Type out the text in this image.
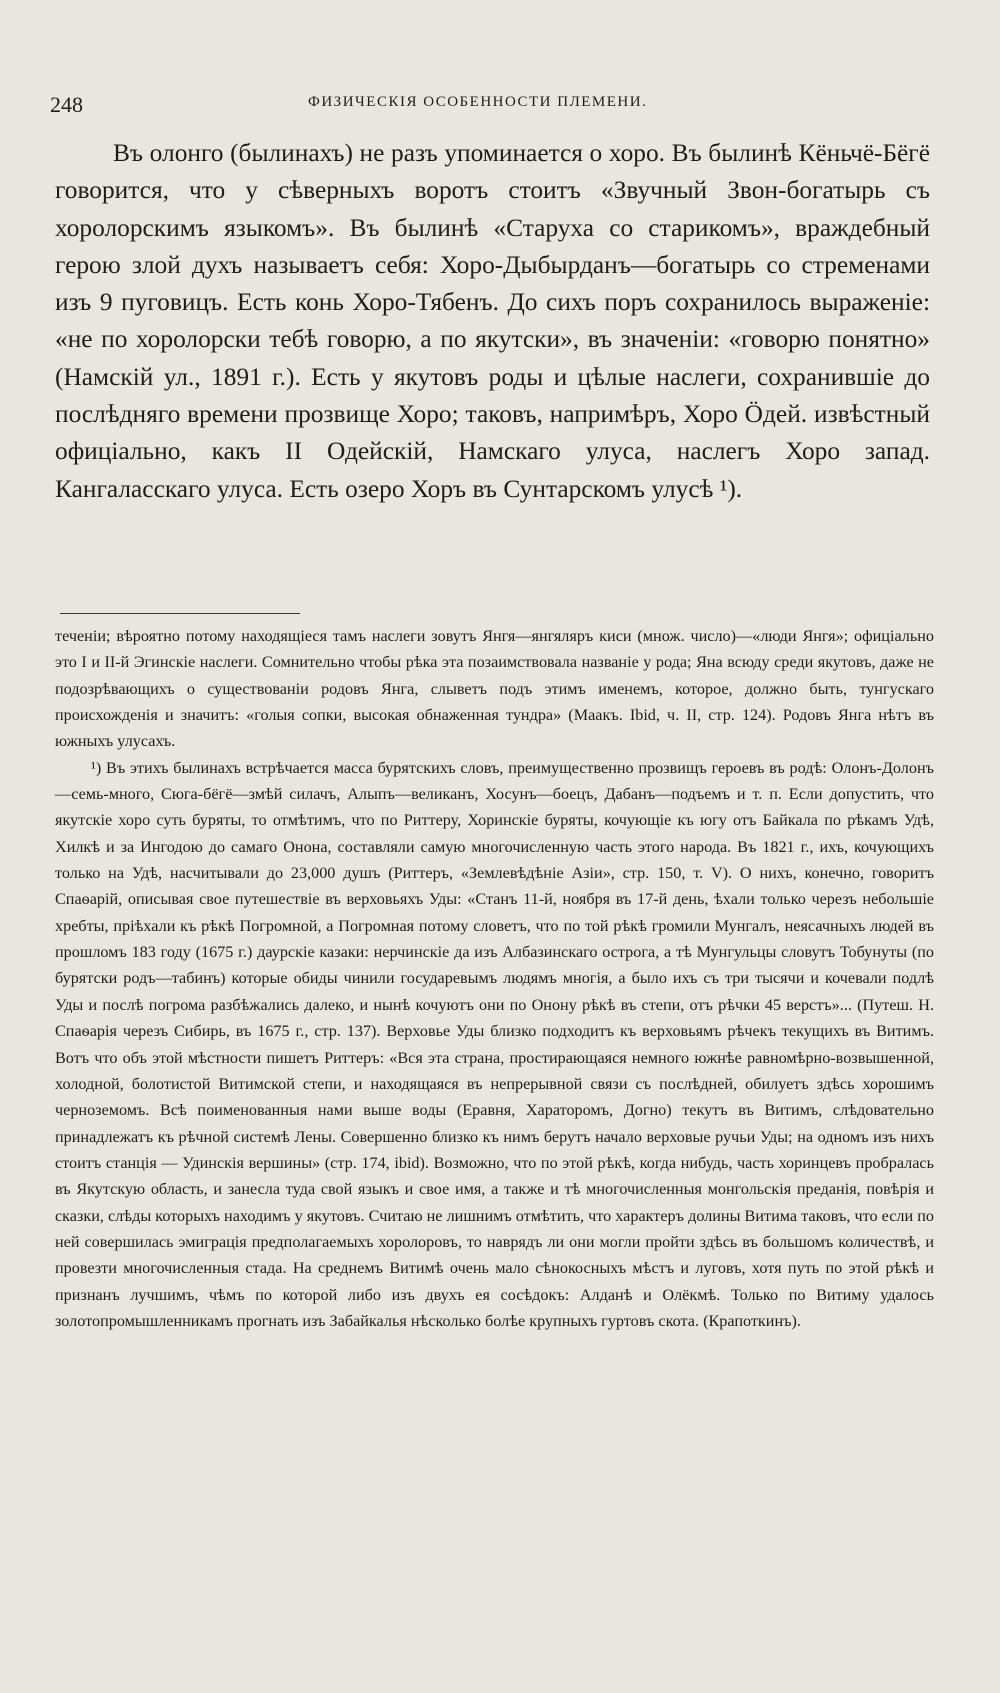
248	ФИЗИЧЕСКІЯ ОСОБЕННОСТИ ПЛЕМЕНИ.

Въ олонго (былинахъ) не разъ упоминается о хоро. Въ былинѣ Кёньчё-Бёгё говорится, что у сѣверныхъ воротъ стоитъ «Звучный Звон-богатырь съ хоролорскимъ языкомъ». Въ былинѣ «Старуха со старикомъ», враждебный герою злой духъ называетъ себя: Хоро-Дыбырданъ—богатырь со стременами изъ 9 пуговицъ. Есть конь Хоро-Тябенъ. До сихъ поръ сохранилось выраженіе: «не по хоролорски тебѣ говорю, а по якутски», въ значеніи: «говорю понятно» (Намскій ул., 1891 г.). Есть у якутовъ роды и цѣлые наслеги, сохранившіе до послѣдняго времени прозвище Хоро; таковъ, напримѣръ, Хоро Ӧдей. извѣстный офиціально, какъ II Одейскій, Намскаго улуса, наслегъ Хоро запад. Кангаласскаго улуса. Есть озеро Хоръ въ Сунтарскомъ улусѣ ¹).

теченіи; вѣроятно потому находящіеся тамъ наслеги зовутъ Янгя—янгяляръ киси (множ. число)—«люди Янгя»; офиціально это I и II-й Эгинскіе наслеги. Сомнительно чтобы рѣка эта позаимствовала названіе у рода; Яна всюду среди якутовъ, даже не подозрѣвающихъ о существованіи родовъ Янга, слыветъ подъ этимъ именемъ, которое, должно быть, тунгускаго происхожденія и значитъ: «голыя сопки, высокая обнаженная тундра» (Маакъ. Ibid, ч. II, стр. 124). Родовъ Янга нѣтъ въ южныхъ улусахъ.

¹) Въ этихъ былинахъ встрѣчается масса бурятскихъ словъ, преимущественно прозвищъ героевъ въ родѣ: Олонъ-Долонъ—семь-много, Сюга-бёгё—змѣй силачъ, Алыпъ—великанъ, Хосунъ—боецъ, Дабанъ—подъемъ и т. п. Если допустить, что якутскіе хоро суть буряты, то отмѣтимъ, что по Риттеру, Хоринскіе буряты, кочующіе къ югу отъ Байкала по рѣкамъ Удѣ, Хилкѣ и за Ингодою до самаго Онона, составляли самую многочисленную часть этого народа. Въ 1821 г., ихъ, кочующихъ только на Удѣ, насчитывали до 23,000 душъ (Риттеръ, «Землевѣдѣніе Азіи», стр. 150, т. V). О нихъ, конечно, говоритъ Спаѳарій, описывая свое путешествіе въ верховьяхъ Уды: «Станъ 11-й, ноября въ 17-й день, ѣхали только черезъ небольшіе хребты, пріѣхали къ рѣкѣ Погромной, а Погромная потому словетъ, что по той рѣкѣ громили Мунгалъ, неясачныхъ людей въ прошломъ 183 году (1675 г.) даурскіе казаки: нерчинскіе да изъ Албазинскаго острога, а тѣ Мунгульцы словутъ Тобунуты (по бурятски родъ—табинъ) которые обиды чинили государевымъ людямъ многія, а было ихъ съ три тысячи и кочевали подлѣ Уды и послѣ погрома разбѣжались далеко, и нынѣ кочуютъ они по Онону рѣкѣ въ степи, отъ рѣчки 45 верстъ»... (Путеш. Н. Спаѳарія черезъ Сибирь, въ 1675 г., стр. 137). Верховье Уды близко подходитъ къ верховьямъ рѣчекъ текущихъ въ Витимъ. Вотъ что объ этой мѣстности пишетъ Риттеръ: «Вся эта страна, простирающаяся немного южнѣе равномѣрно-возвышенной, холодной, болотистой Витимской степи, и находящаяся въ непрерывной связи съ послѣдней, обилуетъ здѣсь хорошимъ черноземомъ. Всѣ поименованныя нами выше воды (Еравня, Хараторомъ, Догно) текутъ въ Витимъ, слѣдовательно принадлежатъ къ рѣчной системѣ Лены. Совершенно близко къ нимъ берутъ начало верховые ручьи Уды; на одномъ изъ нихъ стоитъ станція — Удинскія вершины» (стр. 174, ibid). Возможно, что по этой рѣкѣ, когда нибудь, часть хоринцевъ пробралась въ Якутскую область, и занесла туда свой языкъ и свое имя, а также и тѣ многочисленныя монгольскія преданія, повѣрія и сказки, слѣды которыхъ находимъ у якутовъ. Считаю не лишнимъ отмѣтить, что характеръ долины Витима таковъ, что если по ней совершилась эмиграція предполагаемыхъ хоролоровъ, то наврядъ ли они могли пройти здѣсь въ большомъ количествѣ, и провезти многочисленныя стада. На среднемъ Витимѣ очень мало сѣнокосныхъ мѣстъ и луговъ, хотя путь по этой рѣкѣ и признанъ лучшимъ, чѣмъ по которой либо изъ двухъ ея сосѣдокъ: Алданѣ и Олёкмѣ. Только по Витиму удалось золотопромышленникамъ прогнать изъ Забайкалья нѣсколько болѣе крупныхъ гуртовъ скота. (Крапоткинъ).
